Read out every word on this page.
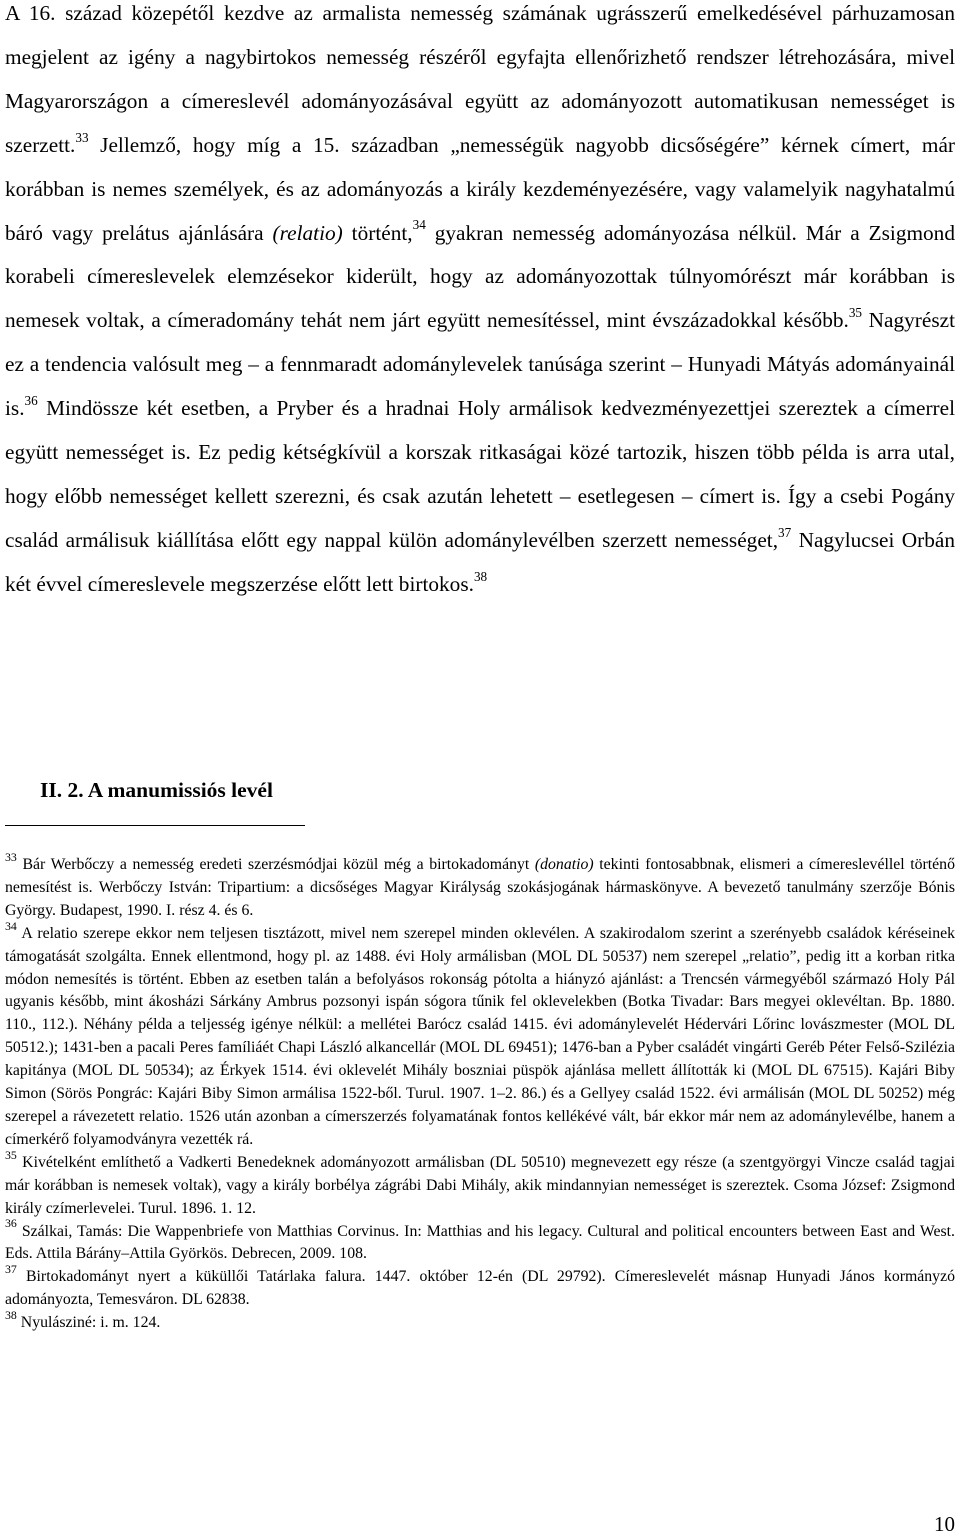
A 16. század közepétől kezdve az armalista nemesség számának ugrásszerű emelkedésével párhuzamosan megjelent az igény a nagybirtokos nemesség részéről egyfajta ellenőrizhető rendszer létrehozására, mivel Magyarországon a címereslevél adományozásával együtt az adományozott automatikusan nemességet is szerzett.$^{33}$ Jellemző, hogy míg a 15. században „nemességük nagyobb dicsőségére” kérnek címert, már korábban is nemes személyek, és az adományozás a király kezdeményezésére, vagy valamelyik nagyhatalmú báró vagy prelátus ajánlására (relatio) történt,$^{34}$ gyakran nemesség adományozása nélkül. Már a Zsigmond korabeli címereslevelek elemzésekor kiderült, hogy az adományozottak túlnyomórészt már korábban is nemesek voltak, a címeradomány tehát nem járt együtt nemesítéssel, mint évszázadokkal később.$^{35}$ Nagyrészt ez a tendencia valósult meg – a fennmaradt adománylevelek tanúsága szerint – Hunyadi Mátyás adományainál is.$^{36}$ Mindössze két esetben, a Pryber és a hradnai Holy armálisok kedvezményezettjei szereztek a címerrel együtt nemességet is. Ez pedig kétségkívül a korszak ritkaságai közé tartozik, hiszen több példa is arra utal, hogy előbb nemességet kellett szerezni, és csak azután lehetett – esetlegesen – címert is. Így a csebi Pogány család armálisuk kiállítása előtt egy nappal külön adománylevélben szerzett nemességet,$^{37}$ Nagylucsei Orbán két évvel címereslevele megszerzése előtt lett birtokos.$^{38}$

II. 2. A manumissiós levél

$^{33}$ Bár Werbőczy a nemesség eredeti szerzésmódjai közül még a birtokadományt (donatio) tekinti fontosabbnak, elismeri a címereslevéllel történő nemesítést is. Werbőczy István: Tripartium: a dicsőséges Magyar Királyság szokásjogának hármaskönyve. A bevezető tanulmány szerzője Bónis György. Budapest, 1990. I. rész 4. és 6.

$^{34}$ A relatio szerepe ekkor nem teljesen tisztázott, mivel nem szerepel minden oklevélen. A szakirodalom szerint a szerényebb családok kéréseinek támogatását szolgálta. Ennek ellentmond, hogy pl. az 1488. évi Holy armálisban (MOL DL 50537) nem szerepel „relatio”, pedig itt a korban ritka módon nemesítés is történt. Ebben az esetben talán a befolyásos rokonság pótolta a hiányzó ajánlást: a Trencsén vármegyéből származó Holy Pál ugyanis később, mint ákosházi Sárkány Ambrus pozsonyi ispán sógora tűnik fel oklevelekben (Botka Tivadar: Bars megyei oklevéltan. Bp. 1880. 110., 112.). Néhány példa a teljesség igénye nélkül: a mellétei Barócz család 1415. évi adománylevelét Hédervári Lőrinc lovászmester (MOL DL 50512.); 1431-ben a pacali Peres famíliáét Chapi László alkancellár (MOL DL 69451); 1476-ban a Pyber családét vingárti Geréb Péter Felső-Szilézia kapitánya (MOL DL 50534); az Érkyek 1514. évi oklevelét Mihály boszniai püspök ajánlása mellett állították ki (MOL DL 67515). Kajári Biby Simon (Sörös Pongrác: Kajári Biby Simon armálisa 1522-ből. Turul. 1907. 1–2. 86.) és a Gellyey család 1522. évi armálisán (MOL DL 50252) még szerepel a rávezetett relatio. 1526 után azonban a címerszerzés folyamatának fontos kellékévé vált, bár ekkor már nem az adománylevélbe, hanem a címerkérő folyamodványra vezették rá.

$^{35}$ Kivételként említhető a Vadkerti Benedeknek adományozott armálisban (DL 50510) megnevezett egy része (a szentgyörgyi Vincze család tagjai már korábban is nemesek voltak), vagy a király borbélya zágrábi Dabi Mihály, akik mindannyian nemességet is szereztek. Csoma József: Zsigmond király czímerlevelei. Turul. 1896. 1. 12.

$^{36}$ Szálkai, Tamás: Die Wappenbriefe von Matthias Corvinus. In: Matthias and his legacy. Cultural and political encounters between East and West. Eds. Attila Bárány–Attila Györkös. Debrecen, 2009. 108.

$^{37}$ Birtokadományt nyert a küküllői Tatárlaka falura. 1447. október 12-én (DL 29792). Címereslevelét másnap Hunyadi János kormányzó adományozta, Temesváron. DL 62838.

$^{38}$ Nyulásziné: i. m. 124.

10
